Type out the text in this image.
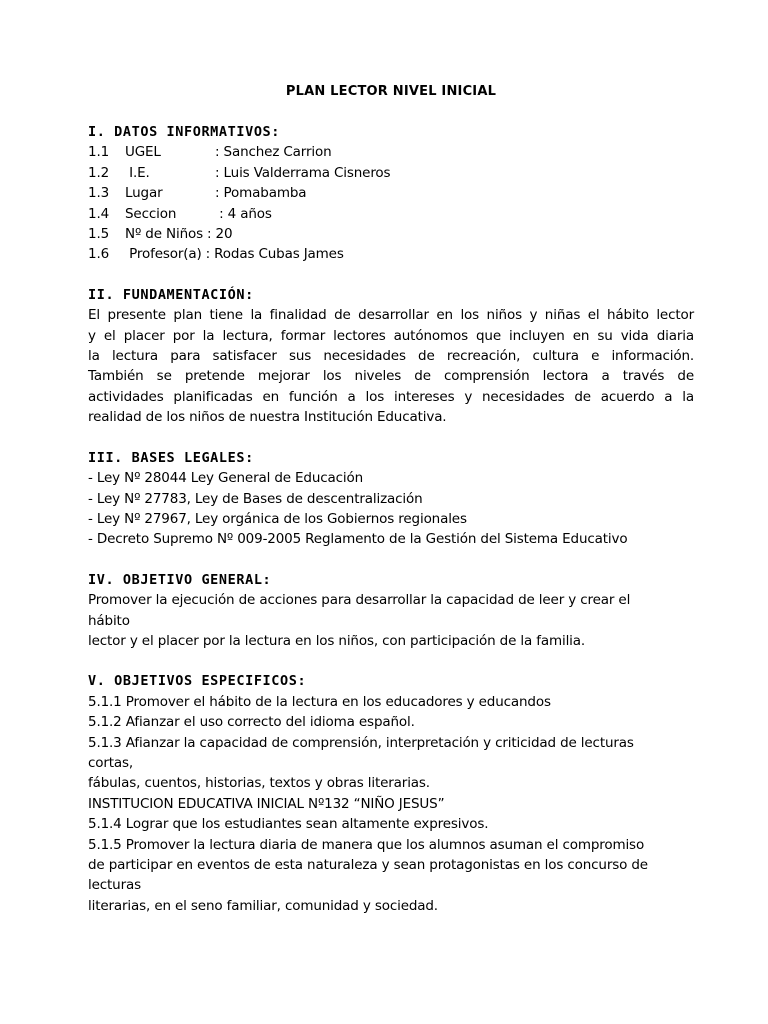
PLAN LECTOR NIVEL INICIAL
I. DATOS INFORMATIVOS:
1.1 UGEL	: Sanchez Carrion
1.2 I.E.	: Luis Valderrama Cisneros
1.3 Lugar	: Pomabamba
1.4 Seccion	: 4 años
1.5 Nº de Niños : 20
1.6 Profesor(a) : Rodas Cubas James
II. FUNDAMENTACIÓN:
El presente plan tiene la finalidad de desarrollar en los niños y niñas el hábito lector
y el placer por la lectura, formar lectores autónomos que incluyen en su vida diaria
la lectura para satisfacer sus necesidades de recreación, cultura e información.
También se pretende mejorar los niveles de comprensión lectora a través de
actividades planificadas en función a los intereses y necesidades de acuerdo a la
realidad de los niños de nuestra Institución Educativa.
III. BASES LEGALES:
- Ley Nº 28044 Ley General de Educación
- Ley Nº 27783, Ley de Bases de descentralización
- Ley Nº 27967, Ley orgánica de los Gobiernos regionales
- Decreto Supremo Nº 009-2005 Reglamento de la Gestión del Sistema Educativo
IV. OBJETIVO GENERAL:
Promover la ejecución de acciones para desarrollar la capacidad de leer y crear el
hábito
lector y el placer por la lectura en los niños, con participación de la familia.
V. OBJETIVOS ESPECIFICOS:
5.1.1 Promover el hábito de la lectura en los educadores y educandos
5.1.2 Afianzar el uso correcto del idioma español.
5.1.3 Afianzar la capacidad de comprensión, interpretación y criticidad de lecturas
cortas,
fábulas, cuentos, historias, textos y obras literarias.
INSTITUCION EDUCATIVA INICIAL Nº132 “NIÑO JESUS”
5.1.4 Lograr que los estudiantes sean altamente expresivos.
5.1.5 Promover la lectura diaria de manera que los alumnos asuman el compromiso
de participar en eventos de esta naturaleza y sean protagonistas en los concurso de
lecturas
literarias, en el seno familiar, comunidad y sociedad.
